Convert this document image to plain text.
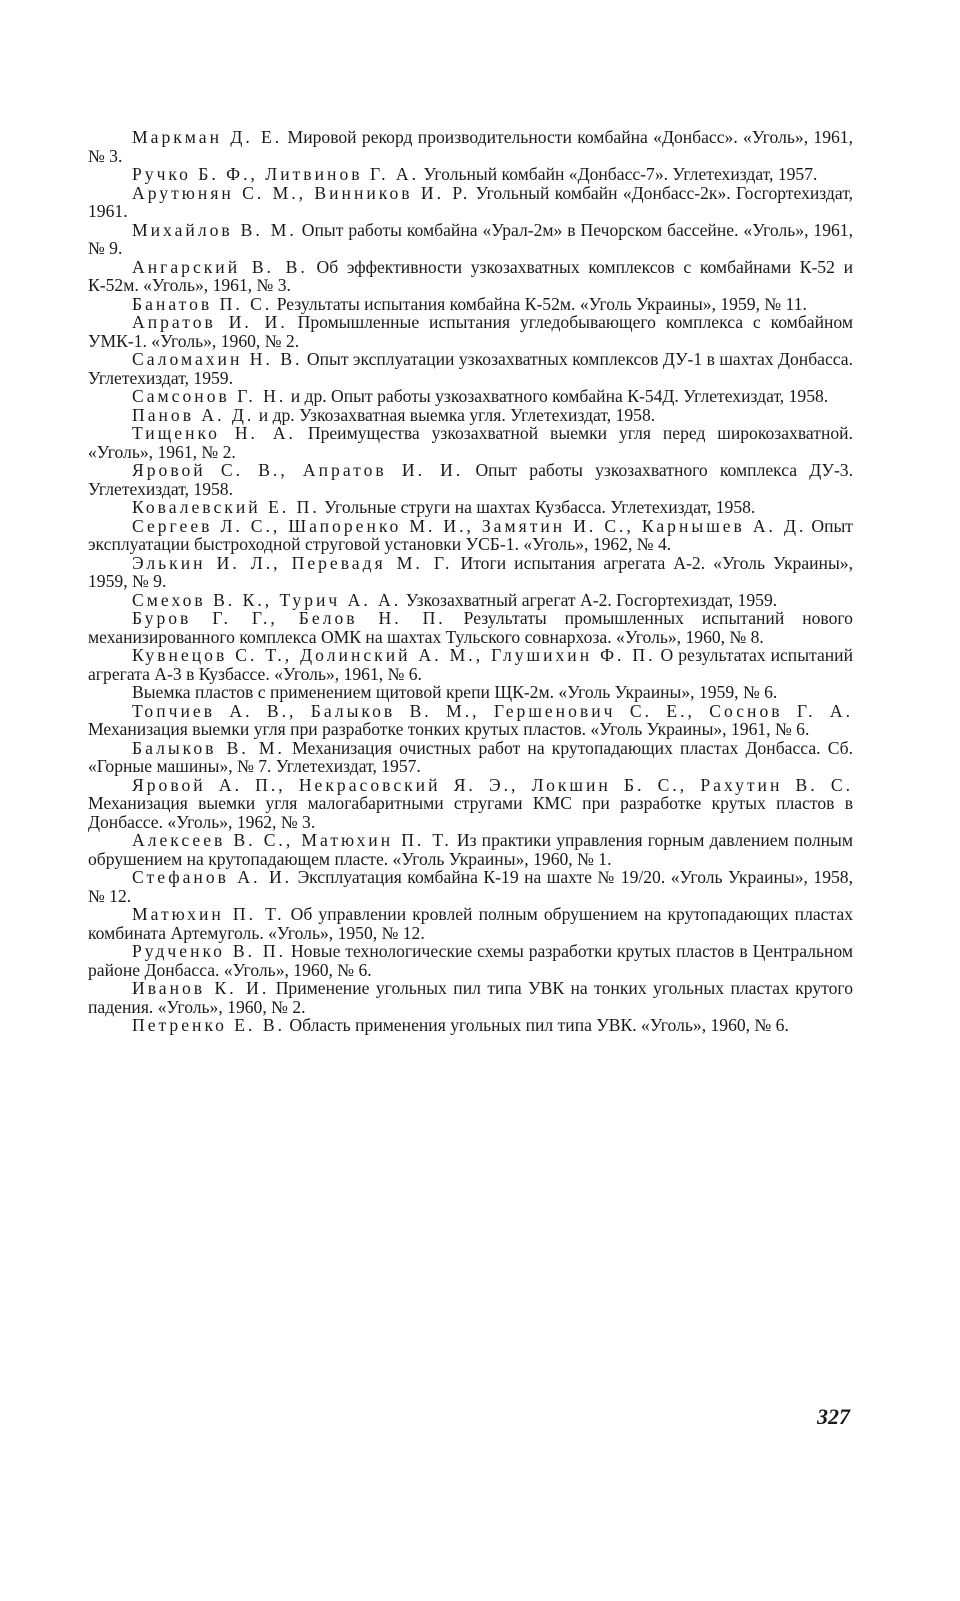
Маркман Д. Е. Мировой рекорд производительности комбайна «Донбасс». «Уголь», 1961, № 3.
Ручко Б. Ф., Литвинов Г. А. Угольный комбайн «Донбасс-7». Углетехиздат, 1957.
Арутюнян С. М., Винников И. Р. Угольный комбайн «Донбасс-2к». Госгортехиздат, 1961.
Михайлов В. М. Опыт работы комбайна «Урал-2м» в Печорском бассейне. «Уголь», 1961, № 9.
Ангарский В. В. Об эффективности узкозахватных комплексов с комбайнами К-52 и К-52м. «Уголь», 1961, № 3.
Банатов П. С. Результаты испытания комбайна К-52м. «Уголь Украины», 1959, № 11.
Апратов И. И. Промышленные испытания угледобывающего комплекса с комбайном УМК-1. «Уголь», 1960, № 2.
Саломахин Н. В. Опыт эксплуатации узкозахватных комплексов ДУ-1 в шахтах Донбасса. Углетехиздат, 1959.
Самсонов Г. Н. и др. Опыт работы узкозахватного комбайна К-54Д. Углетехиздат, 1958.
Панов А. Д. и др. Узкозахватная выемка угля. Углетехиздат, 1958.
Тищенко Н. А. Преимущества узкозахватной выемки угля перед широкозахватной. «Уголь», 1961, № 2.
Яровой С. В., Апратов И. И. Опыт работы узкозахватного комплекса ДУ-3. Углетехиздат, 1958.
Ковалевский Е. П. Угольные струги на шахтах Кузбасса. Углетехиздат, 1958.
Сергеев Л. С., Шапоренко М. И., Замятин И. С., Карнышев А. Д. Опыт эксплуатации быстроходной струговой установки УСБ-1. «Уголь», 1962, № 4.
Элькин И. Л., Перевадя М. Г. Итоги испытания агрегата А-2. «Уголь Украины», 1959, № 9.
Смехов В. К., Турич А. А. Узкозахватный агрегат А-2. Госгортехиздат, 1959.
Буров Г. Г., Белов Н. П. Результаты промышленных испытаний нового механизированного комплекса ОМК на шахтах Тульского совнархоза. «Уголь», 1960, № 8.
Кувнецов С. Т., Долинский А. М., Глушихин Ф. П. О результатах испытаний агрегата А-3 в Кузбассе. «Уголь», 1961, № 6.
Выемка пластов с применением щитовой крепи ЩК-2м. «Уголь Украины», 1959, № 6.
Топчиев А. В., Балыков В. М., Гершенович С. Е., Соснов Г. А. Механизация выемки угля при разработке тонких крутых пластов. «Уголь Украины», 1961, № 6.
Балыков В. М. Механизация очистных работ на крутопадающих пластах Донбасса. Сб. «Горные машины», № 7. Углетехиздат, 1957.
Яровой А. П., Некрасовский Я. Э., Локшин Б. С., Рахутин В. С. Механизация выемки угля малогабаритными стругами КМС при разработке крутых пластов в Донбассе. «Уголь», 1962, № 3.
Алексеев В. С., Матюхин П. Т. Из практики управления горным давлением полным обрушением на крутопадающем пласте. «Уголь Украины», 1960, № 1.
Стефанов А. И. Эксплуатация комбайна К-19 на шахте № 19/20. «Уголь Украины», 1958, № 12.
Матюхин П. Т. Об управлении кровлей полным обрушением на крутопадающих пластах комбината Артемуголь. «Уголь», 1950, № 12.
Рудченко В. П. Новые технологические схемы разработки крутых пластов в Центральном районе Донбасса. «Уголь», 1960, № 6.
Иванов К. И. Применение угольных пил типа УВК на тонких угольных пластах крутого падения. «Уголь», 1960, № 2.
Петренко Е. В. Область применения угольных пил типа УВК. «Уголь», 1960, № 6.
327
